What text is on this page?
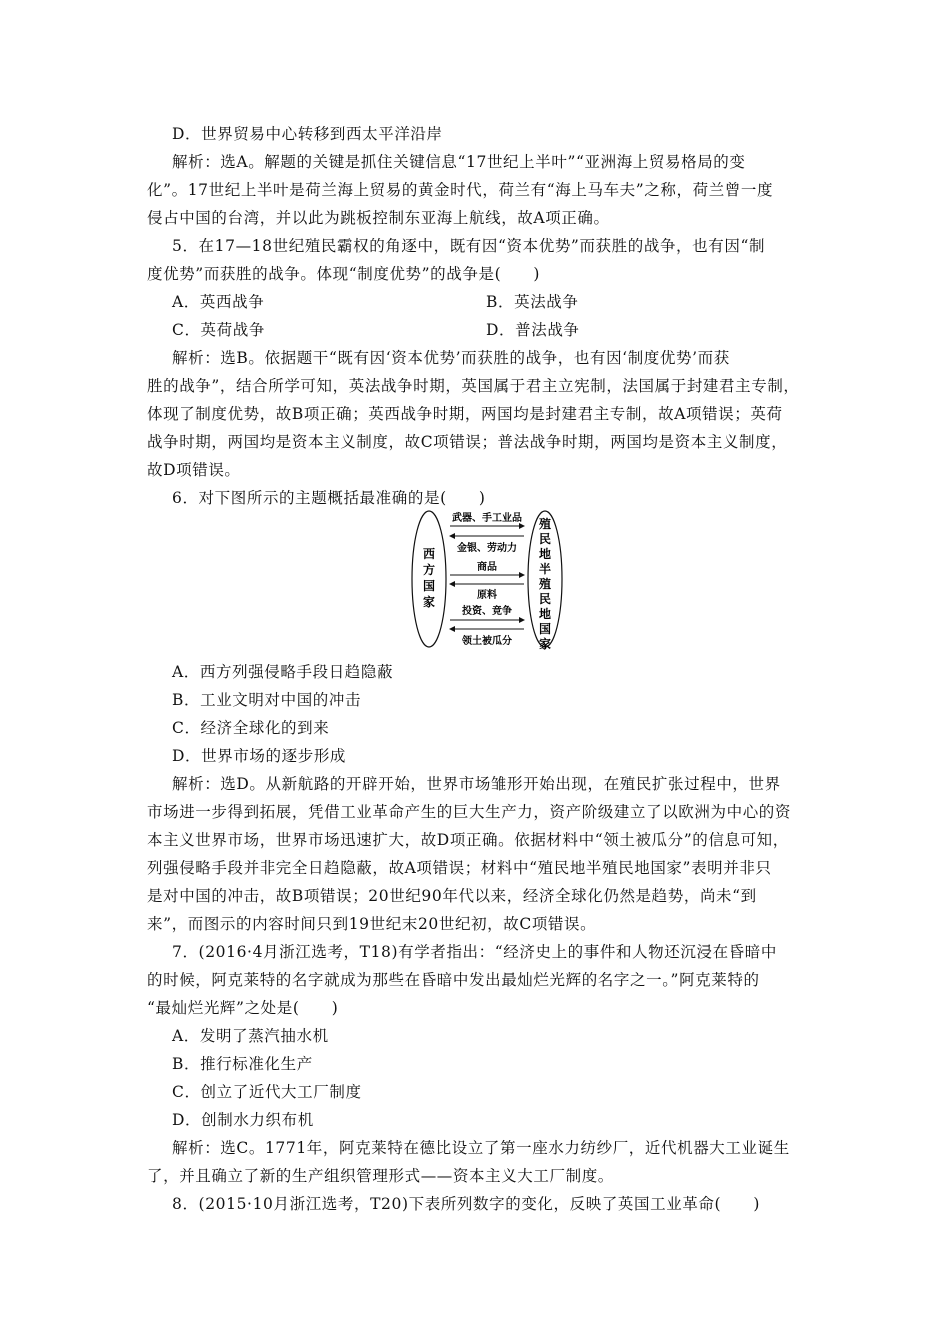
D．世界贸易中心转移到西太平洋沿岸
解析：选A。解题的关键是抓住关键信息“17世纪上半叶”“亚洲海上贸易格局的变
化”。17世纪上半叶是荷兰海上贸易的黄金时代，荷兰有“海上马车夫”之称，荷兰曾一度
侵占中国的台湾，并以此为跳板控制东亚海上航线，故A项正确。
5．在17—18世纪殖民霸权的角逐中，既有因“资本优势”而获胜的战争，也有因“制
度优势”而获胜的战争。体现“制度优势”的战争是(　　)
A．英西战争	B．英法战争
C．英荷战争	D．普法战争
解析：选B。依据题干“既有因‘资本优势’而获胜的战争，也有因‘制度优势’而获
胜的战争”，结合所学可知，英法战争时期，英国属于君主立宪制，法国属于封建君主专制，
体现了制度优势，故B项正确；英西战争时期，两国均是封建君主专制，故A项错误；英荷
战争时期，两国均是资本主义制度，故C项错误；普法战争时期，两国均是资本主义制度，
故D项错误。
6．对下图所示的主题概括最准确的是(　　)
西
方
国
家
殖
民
地
半
殖
民
地
国
家
武器、手工业品
金银、劳动力
商品
原料
投资、竞争
领土被瓜分
A．西方列强侵略手段日趋隐蔽
B．工业文明对中国的冲击
C．经济全球化的到来
D．世界市场的逐步形成
解析：选D。从新航路的开辟开始，世界市场雏形开始出现，在殖民扩张过程中，世界
市场进一步得到拓展，凭借工业革命产生的巨大生产力，资产阶级建立了以欧洲为中心的资
本主义世界市场，世界市场迅速扩大，故D项正确。依据材料中“领土被瓜分”的信息可知，
列强侵略手段并非完全日趋隐蔽，故A项错误；材料中“殖民地半殖民地国家”表明并非只
是对中国的冲击，故B项错误；20世纪90年代以来，经济全球化仍然是趋势，尚未“到
来”，而图示的内容时间只到19世纪末20世纪初，故C项错误。
7．(2016·4月浙江选考，T18)有学者指出：“经济史上的事件和人物还沉浸在昏暗中
的时候，阿克莱特的名字就成为那些在昏暗中发出最灿烂光辉的名字之一。”阿克莱特的
“最灿烂光辉”之处是(　　)
A．发明了蒸汽抽水机
B．推行标准化生产
C．创立了近代大工厂制度
D．创制水力织布机
解析：选C。1771年，阿克莱特在德比设立了第一座水力纺纱厂，近代机器大工业诞生
了，并且确立了新的生产组织管理形式——资本主义大工厂制度。
8．(2015·10月浙江选考，T20)下表所列数字的变化，反映了英国工业革命(　　)
